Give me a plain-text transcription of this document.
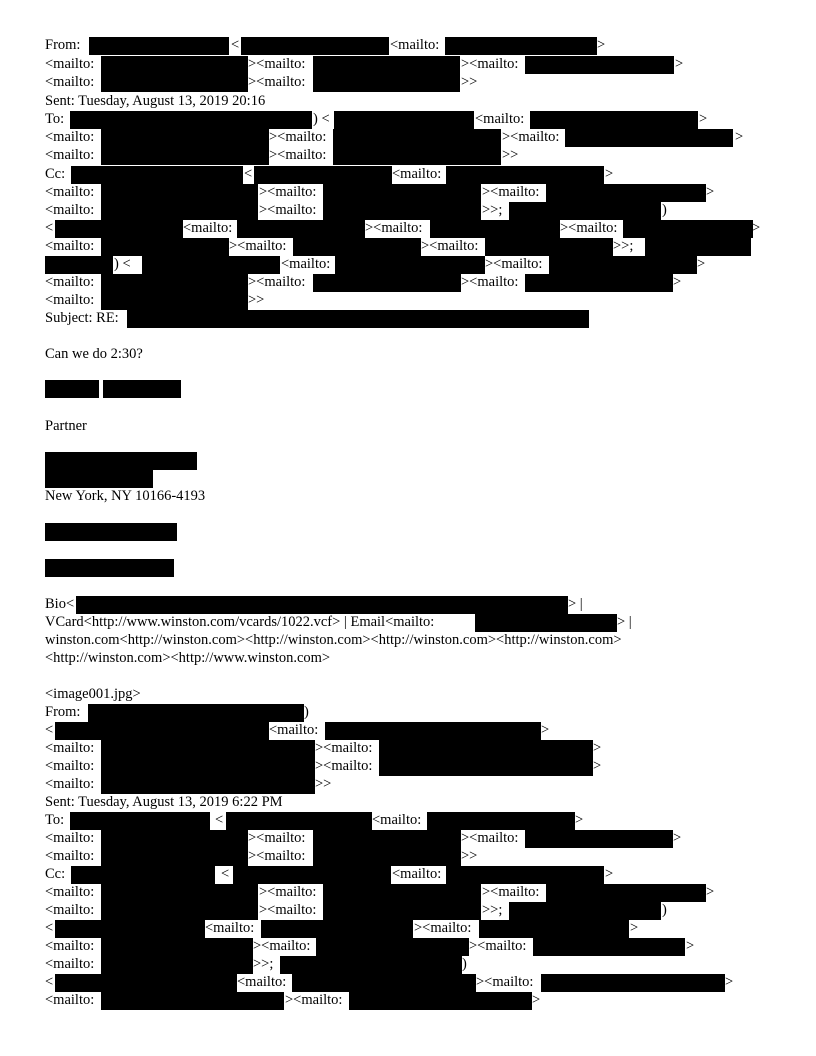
From:	<	<mailto:	>
<mailto:	><mailto:	><mailto:	>
<mailto:	><mailto:	>>
Sent: Tuesday, August 13, 2019 20:16
To:	) <	<mailto:	>
<mailto:	><mailto:	><mailto:	>
<mailto:	><mailto:	>>
Cc:	<	<mailto:	>
<mailto:	><mailto:	><mailto:	>
<mailto:	><mailto:	>>;	)
<	<mailto:	><mailto:	><mailto:	>
<mailto:	><mailto:	><mailto:	>>;
) <	<mailto:	><mailto:	>
<mailto:	><mailto:	><mailto:	>
<mailto:	>>
Subject: RE:
Can we do 2:30?
Partner
New York, NY 10166-4193
Bio<	> |
VCard<http://www.winston.com/vcards/1022.vcf> | Email<mailto:	> |
winston.com<http://winston.com><http://winston.com><http://winston.com><http://winston.com>
<http://winston.com><http://www.winston.com>
<image001.jpg>
From:	)
<	<mailto:	>
<mailto:	><mailto:	>
<mailto:	><mailto:	>
<mailto:	>>
Sent: Tuesday, August 13, 2019 6:22 PM
To:	<	<mailto:	>
<mailto:	><mailto:	><mailto:	>
<mailto:	><mailto:	>>
Cc:	<	<mailto:	>
<mailto:	><mailto:	><mailto:	>
<mailto:	><mailto:	>>;	)
<	<mailto:	><mailto:	>
<mailto:	><mailto:	><mailto:	>
<mailto:	>>;	)
<	<mailto:	><mailto:	>
<mailto:	><mailto:	>
